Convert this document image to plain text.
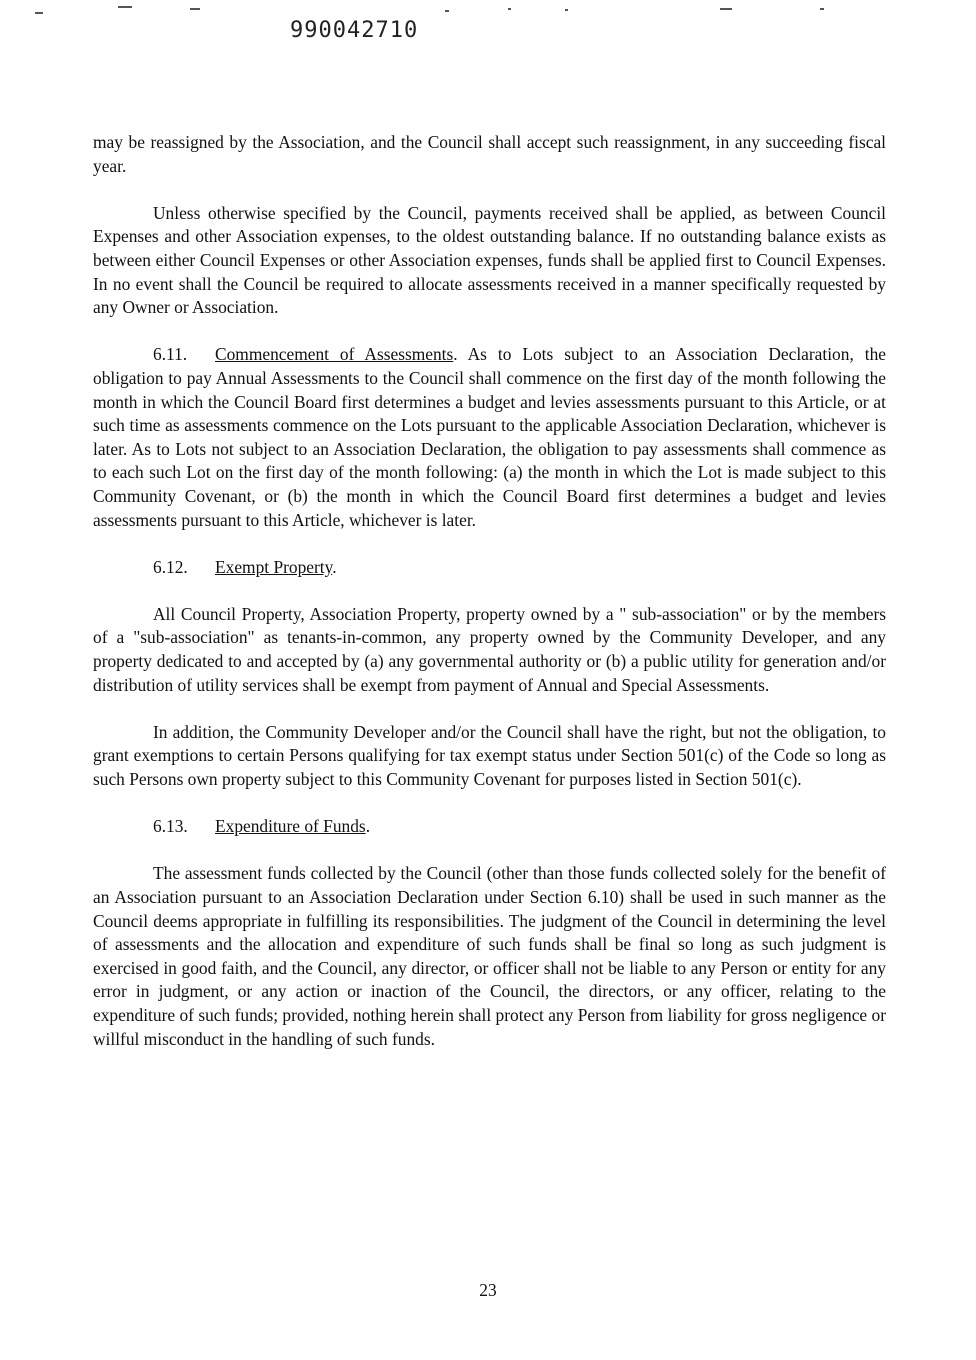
990042710

may be reassigned by the Association, and the Council shall accept such reassignment, in any succeeding fiscal year.

Unless otherwise specified by the Council, payments received shall be applied, as between Council Expenses and other Association expenses, to the oldest outstanding balance. If no outstanding balance exists as between either Council Expenses or other Association expenses, funds shall be applied first to Council Expenses. In no event shall the Council be required to allocate assessments received in a manner specifically requested by any Owner or Association.

6.11. Commencement of Assessments. As to Lots subject to an Association Declaration, the obligation to pay Annual Assessments to the Council shall commence on the first day of the month following the month in which the Council Board first determines a budget and levies assessments pursuant to this Article, or at such time as assessments commence on the Lots pursuant to the applicable Association Declaration, whichever is later. As to Lots not subject to an Association Declaration, the obligation to pay assessments shall commence as to each such Lot on the first day of the month following: (a) the month in which the Lot is made subject to this Community Covenant, or (b) the month in which the Council Board first determines a budget and levies assessments pursuant to this Article, whichever is later.

6.12. Exempt Property.

All Council Property, Association Property, property owned by a " sub-association" or by the members of a "sub-association" as tenants-in-common, any property owned by the Community Developer, and any property dedicated to and accepted by (a) any governmental authority or (b) a public utility for generation and/or distribution of utility services shall be exempt from payment of Annual and Special Assessments.

In addition, the Community Developer and/or the Council shall have the right, but not the obligation, to grant exemptions to certain Persons qualifying for tax exempt status under Section 501(c) of the Code so long as such Persons own property subject to this Community Covenant for purposes listed in Section 501(c).

6.13. Expenditure of Funds.

The assessment funds collected by the Council (other than those funds collected solely for the benefit of an Association pursuant to an Association Declaration under Section 6.10) shall be used in such manner as the Council deems appropriate in fulfilling its responsibilities. The judgment of the Council in determining the level of assessments and the allocation and expenditure of such funds shall be final so long as such judgment is exercised in good faith, and the Council, any director, or officer shall not be liable to any Person or entity for any error in judgment, or any action or inaction of the Council, the directors, or any officer, relating to the expenditure of such funds; provided, nothing herein shall protect any Person from liability for gross negligence or willful misconduct in the handling of such funds.

23
